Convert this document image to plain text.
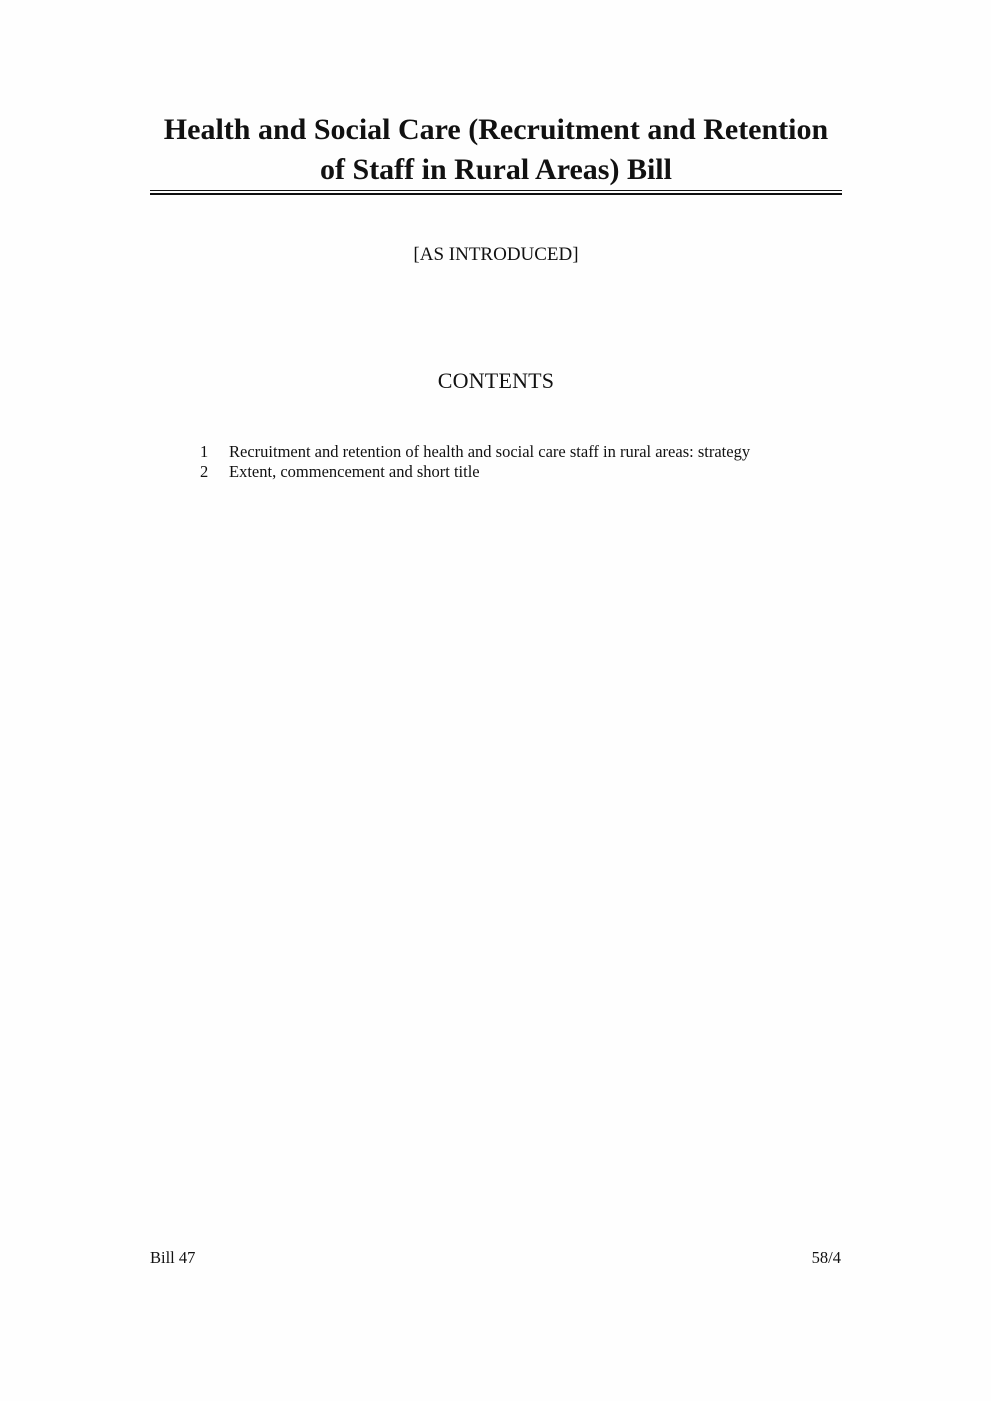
Health and Social Care (Recruitment and Retention
of Staff in Rural Areas) Bill
[AS INTRODUCED]
CONTENTS
1	Recruitment and retention of health and social care staff in rural areas: strategy
2	Extent, commencement and short title
Bill 47	58/4
